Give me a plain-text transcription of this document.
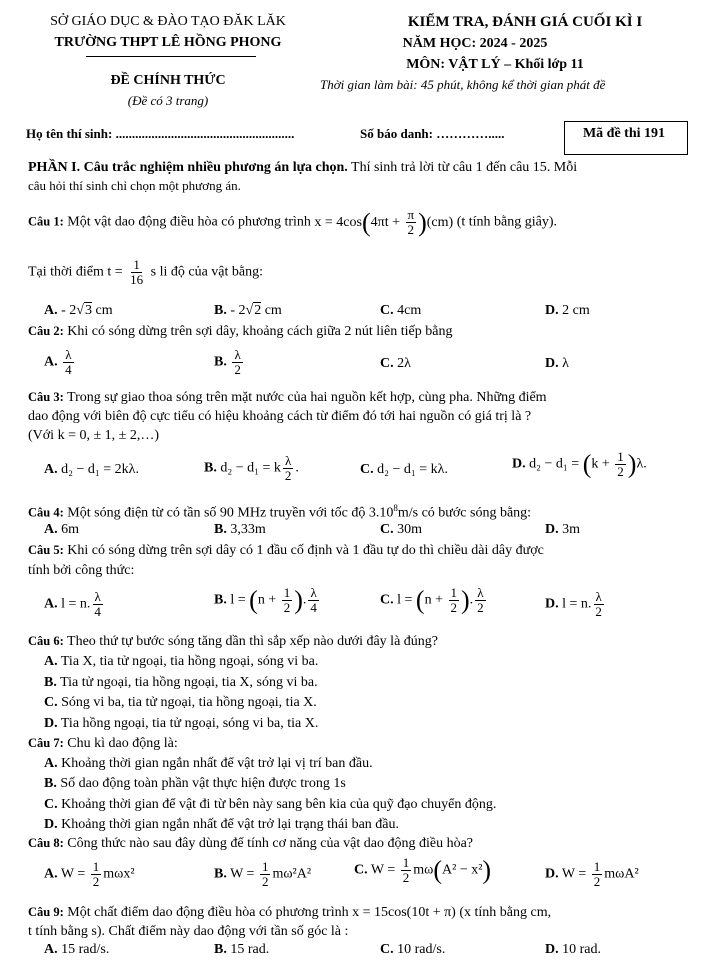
SỞ GIÁO DỤC & ĐÀO TẠO ĐĂK LĂK
TRƯỜNG THPT LÊ HỒNG PHONG
KIỂM TRA, ĐÁNH GIÁ CUỐI KÌ I
NĂM HỌC: 2024 - 2025
MÔN: VẬT LÝ – Khối lớp 11
ĐỀ CHÍNH THỨC
(Đề có 3 trang)
Thời gian làm bài: 45 phút, không kể thời gian phát đề
Họ tên thí sinh: .......................................................	Số báo danh: ………….....	Mã đề thi 191
PHẦN I. Câu trắc nghiệm nhiều phương án lựa chọn. Thí sinh trả lời từ câu 1 đến câu 15. Mỗi
câu hỏi thí sinh chỉ chọn một phương án.
Câu 1: Một vật dao động điều hòa có phương trình $x = 4\cos(4\pi t + \frac{\pi}{2} )(cm)$ (t tính bằng giây).
Tại thời điểm $t = \frac{1}{16}$ s li độ của vật bằng:
A. - 2√3 cm	B. - 2√2 cm	C. 4cm	D. 2 cm
Câu 2: Khi có sóng dừng trên sợi dây, khoảng cách giữa 2 nút liên tiếp bằng
A. $\frac{\lambda}{4}$	B. $\frac{\lambda}{2}$	C. 2λ	D. λ
Câu 3: Trong sự giao thoa sóng trên mặt nước của hai nguồn kết hợp, cùng pha. Những điểm
dao động với biên độ cực tiểu có hiệu khoảng cách từ điểm đó tới hai nguồn có giá trị là ?
(Với k = 0, ± 1, ± 2,…)
A. d₂ − d₁ = 2kλ.	B. d₂ − d₁ = k $\frac{\lambda}{2}$ .	C. d₂ − d₁ = kλ.	D. $d_2 - d_1 = (k + \frac{1}{2} )\lambda$.
Câu 4: Một sóng điện từ có tần số 90 MHz truyền với tốc độ 3.10$^8$m/s có bước sóng bằng:
A. 6m	B. 3,33m	C. 30m	D. 3m
Câu 5: Khi có sóng dừng trên sợi dây có 1 đầu cố định và 1 đầu tự do thì chiều dài dây được
tính bởi công thức:
A. l = n. $\frac{\lambda}{4}$	B. $l = (n + \frac{1}{2}$ ). $\frac{\lambda}{4}$	C. $l = (n + \frac{1}{2}$ ). $\frac{\lambda}{2}$	D. l = n. $\frac{\lambda}{2}$
Câu 6: Theo thứ tự bước sóng tăng dần thì sắp xếp nào dưới đây là đúng?
A. Tia X, tia tử ngoại, tia hồng ngoại, sóng vi ba.
B. Tia tử ngoại, tia hồng ngoại, tia X, sóng vi ba.
C. Sóng vi ba, tia tử ngoại, tia hồng ngoại, tia X.
D. Tia hồng ngoại, tia tử ngoại, sóng vi ba, tia X.
Câu 7: Chu kì dao động là:
A. Khoảng thời gian ngắn nhất để vật trở lại vị trí ban đầu.
B. Số dao động toàn phần vật thực hiện được trong 1s
C. Khoảng thời gian để vật đi từ bên này sang bên kia của quỹ đạo chuyển động.
D. Khoảng thời gian ngắn nhất để vật trở lại trạng thái ban đầu.
Câu 8: Công thức nào sau đây dùng để tính cơ năng của vật dao động điều hòa?
A. $W = \frac{1}{2} m\omega x^2$	B. $W = \frac{1}{2} m\omega^2A^2$	C. $W = \frac{1}{2} m\omega(A^2 - x^2)$	D. $W = \frac{1}{2} m\omega A^2$
Câu 9: Một chất điểm dao động điều hòa có phương trình x = 15cos(10t + π) (x tính bằng cm,
t tính bằng s). Chất điểm này dao động với tần số góc là :
A. 15 rad/s.	B. 15 rad.	C. 10 rad/s.	D. 10 rad.
